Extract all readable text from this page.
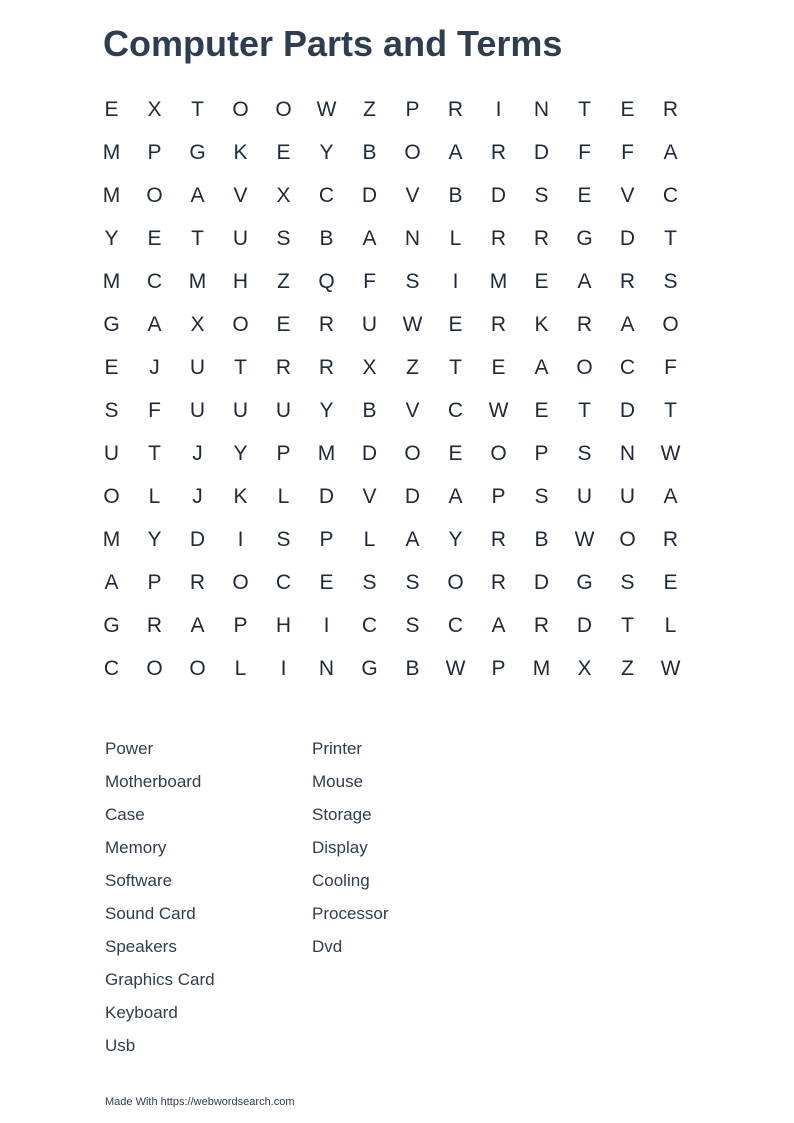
Computer Parts and Terms
E	X	T	O	O	W	Z	P	R	I	N	T	E	R
M	P	G	K	E	Y	B	O	A	R	D	F	F	A
M	O	A	V	X	C	D	V	B	D	S	E	V	C
Y	E	T	U	S	B	A	N	L	R	R	G	D	T
M	C	M	H	Z	Q	F	S	I	M	E	A	R	S
G	A	X	O	E	R	U	W	E	R	K	R	A	O
E	J	U	T	R	R	X	Z	T	E	A	O	C	F
S	F	U	U	U	Y	B	V	C	W	E	T	D	T
U	T	J	Y	P	M	D	O	E	O	P	S	N	W
O	L	J	K	L	D	V	D	A	P	S	U	U	A
M	Y	D	I	S	P	L	A	Y	R	B	W	O	R
A	P	R	O	C	E	S	S	O	R	D	G	S	E
G	R	A	P	H	I	C	S	C	A	R	D	T	L
C	O	O	L	I	N	G	B	W	P	M	X	Z	W
Power
Motherboard
Case
Memory
Software
Sound Card
Speakers
Graphics Card
Keyboard
Usb
Printer
Mouse
Storage
Display
Cooling
Processor
Dvd
Made With https://webwordsearch.com
